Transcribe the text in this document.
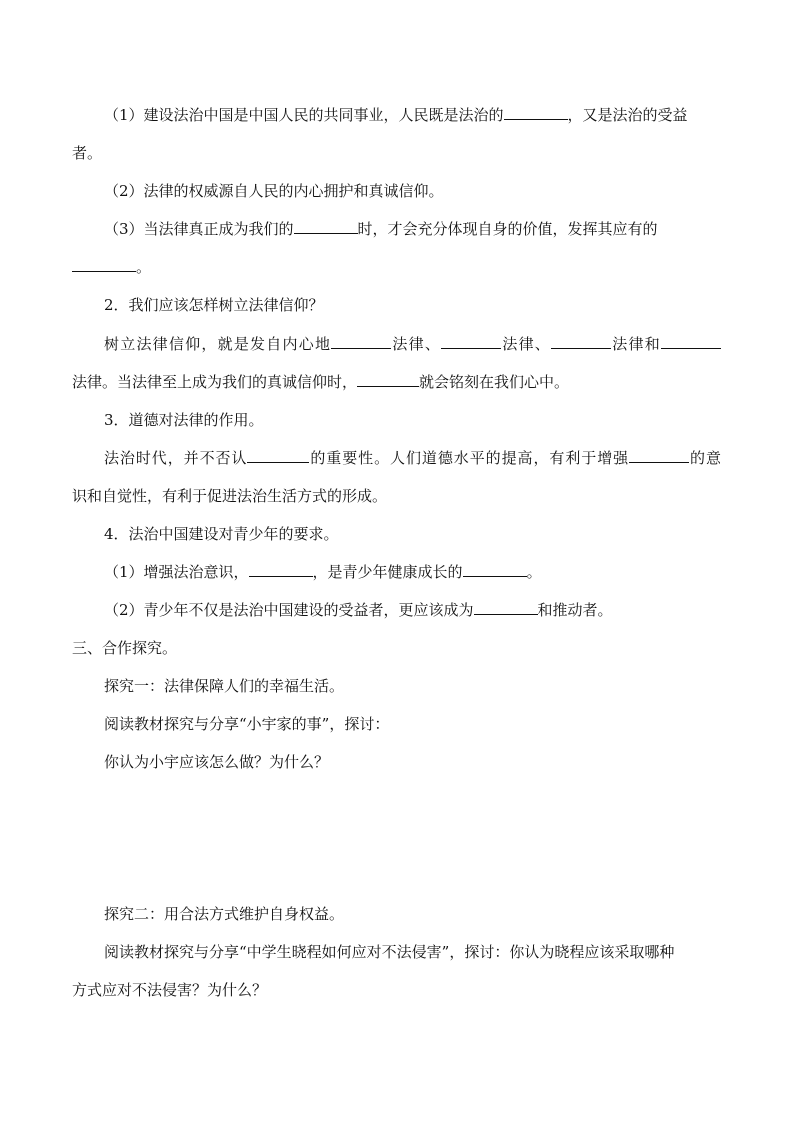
（1）建设法治中国是中国人民的共同事业，人民既是法治的	，又是法治的受益
者。
（2）法律的权威源自人民的内心拥护和真诚信仰。
（3）当法律真正成为我们的	时，才会充分体现自身的价值，发挥其应有的
。
2．我们应该怎样树立法律信仰？
树立法律信仰，就是发自内心地	法律、	法律、	法律和
法律。当法律至上成为我们的真诚信仰时，	就会铭刻在我们心中。
3．道德对法律的作用。
法治时代，并不否认	的重要性。人们道德水平的提高，有利于增强	的意
识和自觉性，有利于促进法治生活方式的形成。
4．法治中国建设对青少年的要求。
（1）增强法治意识，	，是青少年健康成长的	。
（2）青少年不仅是法治中国建设的受益者，更应该成为	和推动者。
三、合作探究。
探究一：法律保障人们的幸福生活。
阅读教材探究与分享“小宇家的事”，探讨：
你认为小宇应该怎么做？为什么？
探究二：用合法方式维护自身权益。
阅读教材探究与分享“中学生晓程如何应对不法侵害”，探讨：你认为晓程应该采取哪种
方式应对不法侵害？为什么？
